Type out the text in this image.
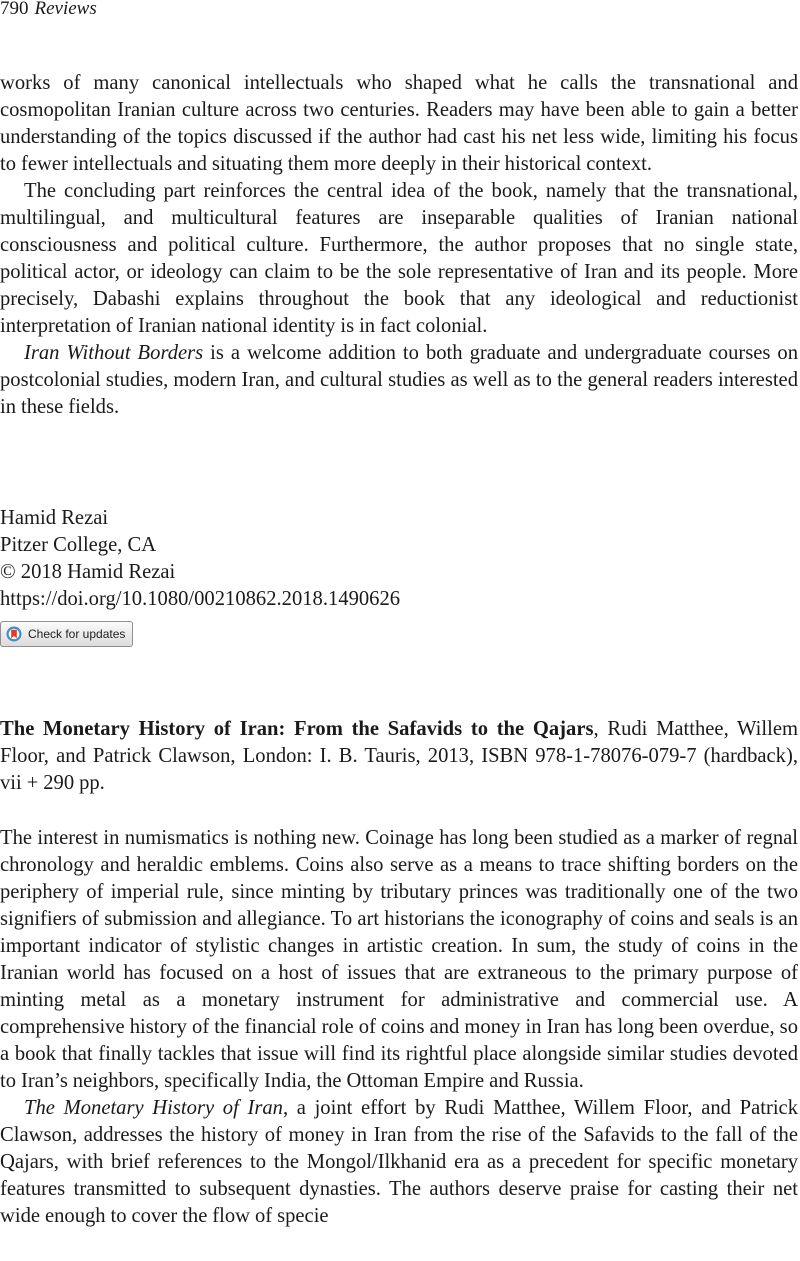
790 Reviews

works of many canonical intellectuals who shaped what he calls the transnational and cosmopolitan Iranian culture across two centuries. Readers may have been able to gain a better understanding of the topics discussed if the author had cast his net less wide, limiting his focus to fewer intellectuals and situating them more deeply in their historical context.

The concluding part reinforces the central idea of the book, namely that the transnational, multilingual, and multicultural features are inseparable qualities of Iranian national consciousness and political culture. Furthermore, the author proposes that no single state, political actor, or ideology can claim to be the sole representative of Iran and its people. More precisely, Dabashi explains throughout the book that any ideological and reductionist interpretation of Iranian national identity is in fact colonial.

Iran Without Borders is a welcome addition to both graduate and undergraduate courses on postcolonial studies, modern Iran, and cultural studies as well as to the general readers interested in these fields.

Hamid Rezai
Pitzer College, CA
© 2018 Hamid Rezai
https://doi.org/10.1080/00210862.2018.1490626
Check for updates

The Monetary History of Iran: From the Safavids to the Qajars, Rudi Matthee, Willem Floor, and Patrick Clawson, London: I. B. Tauris, 2013, ISBN 978-1-78076-079-7 (hardback), vii + 290 pp.

The interest in numismatics is nothing new. Coinage has long been studied as a marker of regnal chronology and heraldic emblems. Coins also serve as a means to trace shifting borders on the periphery of imperial rule, since minting by tributary princes was traditionally one of the two signifiers of submission and allegiance. To art historians the iconography of coins and seals is an important indicator of stylistic changes in artistic creation. In sum, the study of coins in the Iranian world has focused on a host of issues that are extraneous to the primary purpose of minting metal as a monetary instrument for administrative and commercial use. A comprehensive history of the financial role of coins and money in Iran has long been overdue, so a book that finally tackles that issue will find its rightful place alongside similar studies devoted to Iran’s neighbors, specifically India, the Ottoman Empire and Russia.

The Monetary History of Iran, a joint effort by Rudi Matthee, Willem Floor, and Patrick Clawson, addresses the history of money in Iran from the rise of the Safavids to the fall of the Qajars, with brief references to the Mongol/Ilkhanid era as a precedent for specific monetary features transmitted to subsequent dynasties. The authors deserve praise for casting their net wide enough to cover the flow of specie
